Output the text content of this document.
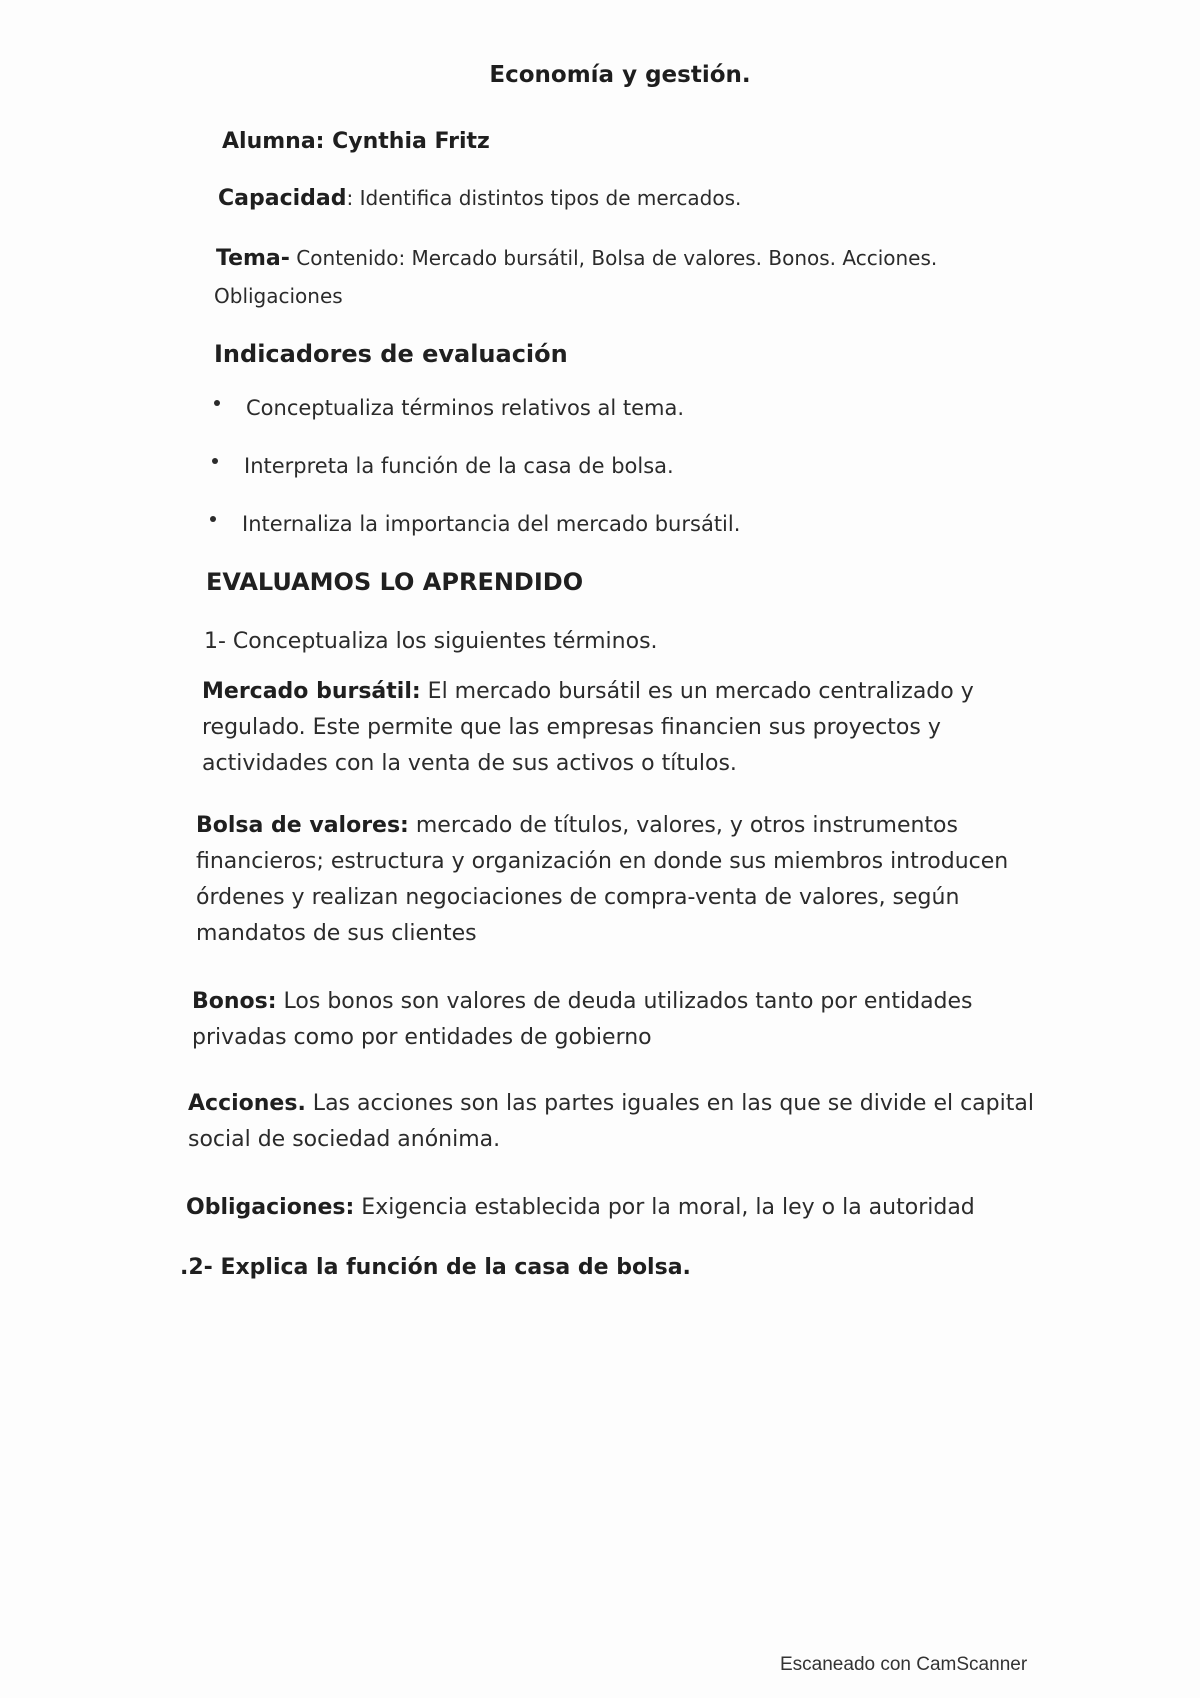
Economía y gestión.
Alumna: Cynthia Fritz
Capacidad: Identifica distintos tipos de mercados.
Tema- Contenido: Mercado bursátil, Bolsa de valores. Bonos. Acciones.
Obligaciones
Indicadores de evaluación
Conceptualiza términos relativos al tema.
Interpreta la función de la casa de bolsa.
Internaliza la importancia del mercado bursátil.
EVALUAMOS LO APRENDIDO
1- Conceptualiza los siguientes términos.
Mercado bursátil: El mercado bursátil es un mercado centralizado y
regulado. Este permite que las empresas financien sus proyectos y
actividades con la venta de sus activos o títulos.
Bolsa de valores: mercado de títulos, valores, y otros instrumentos
financieros; estructura y organización en donde sus miembros introducen
órdenes y realizan negociaciones de compra-venta de valores, según
mandatos de sus clientes
Bonos: Los bonos son valores de deuda utilizados tanto por entidades
privadas como por entidades de gobierno
Acciones. Las acciones son las partes iguales en las que se divide el capital
social de sociedad anónima.
Obligaciones: Exigencia establecida por la moral, la ley o la autoridad
.2- Explica la función de la casa de bolsa.
Escaneado con CamScanner
